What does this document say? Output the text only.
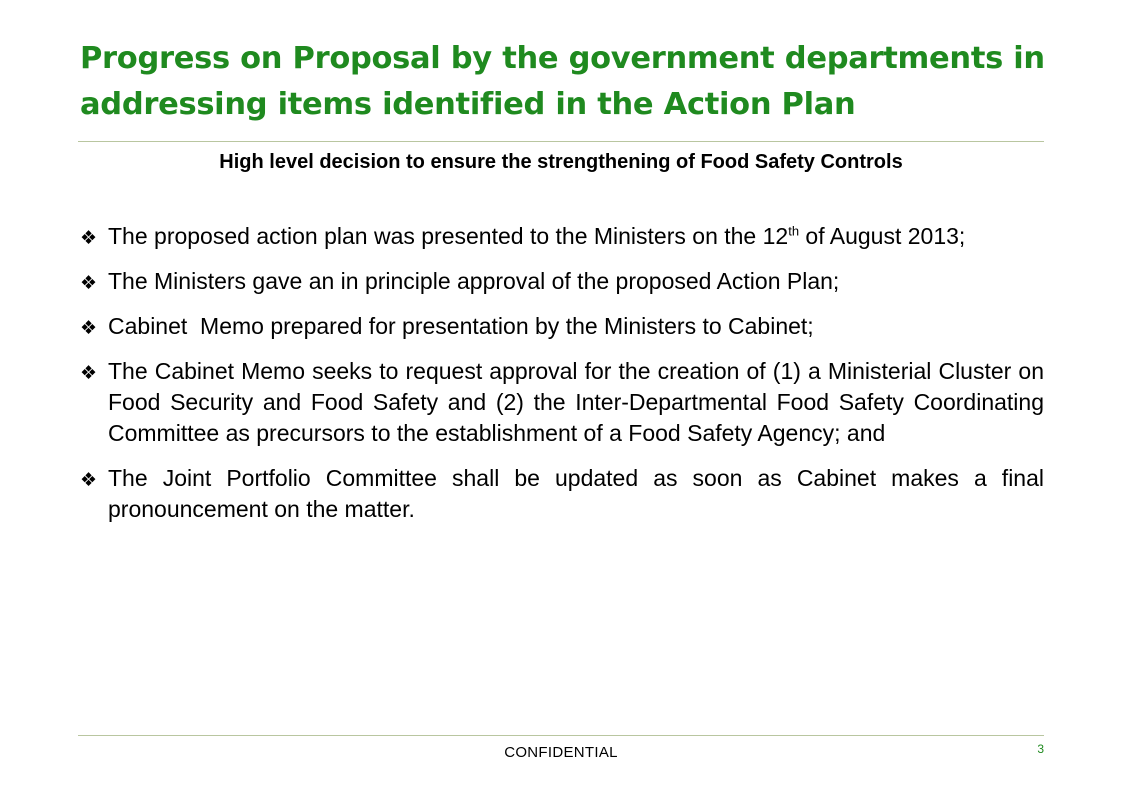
Progress on Proposal by the government departments in addressing items identified in the Action Plan
High level decision to ensure the strengthening of Food Safety Controls
❖ The proposed action plan was presented to the Ministers on the 12th of August 2013;
❖ The Ministers gave an in principle approval of the proposed Action Plan;
❖ Cabinet  Memo prepared for presentation by the Ministers to Cabinet;
❖ The Cabinet Memo seeks to request approval for the creation of (1) a Ministerial Cluster on Food Security and Food Safety and (2) the Inter-Departmental Food Safety Coordinating Committee as precursors to the establishment of a Food Safety Agency; and
❖ The Joint Portfolio Committee shall be updated as soon as Cabinet makes a final pronouncement on the matter.
CONFIDENTIAL	3
